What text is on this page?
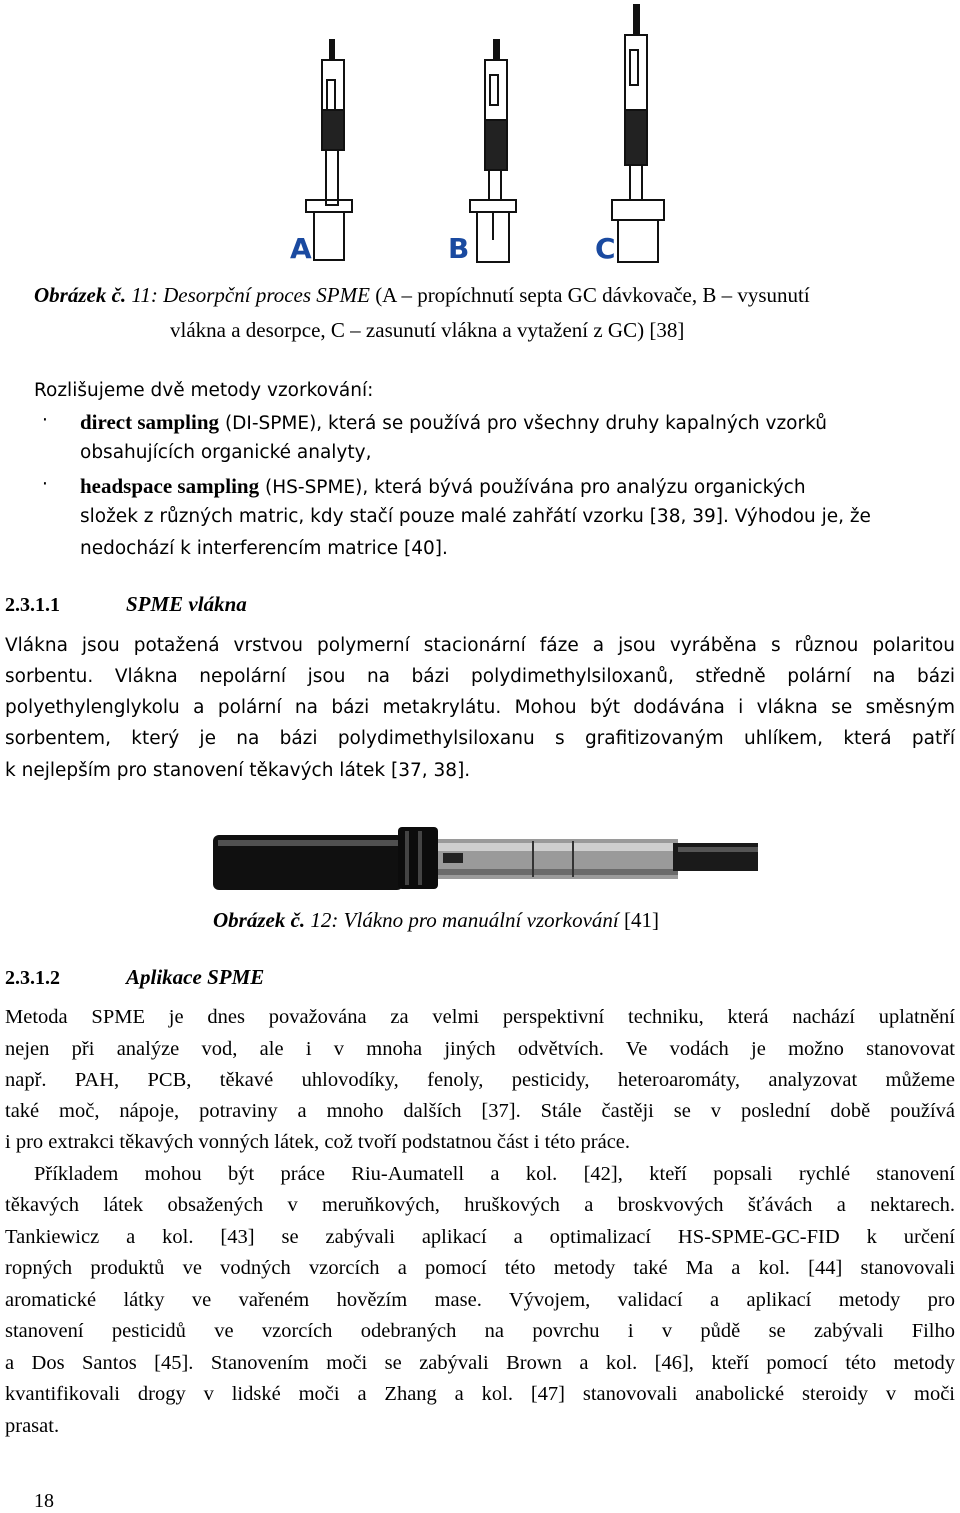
A	B	C
Obrázek č. 11: Desorpční proces SPME (A – propíchnutí septa GC dávkovače, B – vysunutí
vlákna a desorpce, C – zasunutí vlákna a vytažení z GC) [38]
Rozlišujeme dvě metody vzorkování:
· direct sampling (DI-SPME), která se používá pro všechny druhy kapalných vzorků
obsahujících organické analyty,
· headspace sampling (HS-SPME), která bývá používána pro analýzu organických
složek z různých matric, kdy stačí pouze malé zahřátí vzorku [38, 39]. Výhodou je, že
nedochází k interferencím matrice [40].
2.3.1.1	SPME vlákna
Vlákna jsou potažená vrstvou polymerní stacionární fáze a jsou vyráběna s různou polaritou
sorbentu. Vlákna nepolární jsou na bázi polydimethylsiloxanů, středně polární na bázi
polyethylenglykolu a polární na bázi metakrylátu. Mohou být dodávána i vlákna se směsným
sorbentem, který je na bázi polydimethylsiloxanu s grafitizovaným uhlíkem, která patří
k nejlepším pro stanovení těkavých látek [37, 38].
Obrázek č. 12: Vlákno pro manuální vzorkování [41]
2.3.1.2	Aplikace SPME
Metoda SPME je dnes považována za velmi perspektivní techniku, která nachází uplatnění
nejen při analýze vod, ale i v mnoha jiných odvětvích. Ve vodách je možno stanovovat
např. PAH, PCB, těkavé uhlovodíky, fenoly, pesticidy, heteroaromáty, analyzovat můžeme
také moč, nápoje, potraviny a mnoho dalších [37]. Stále častěji se v poslední době používá
i pro extrakci těkavých vonných látek, což tvoří podstatnou část i této práce.
Příkladem mohou být práce Riu-Aumatell a kol. [42], kteří popsali rychlé stanovení
těkavých látek obsažených v meruňkových, hruškových a broskvových šťávách a nektarech.
Tankiewicz a kol. [43] se zabývali aplikací a optimalizací HS-SPME-GC-FID k určení
ropných produktů ve vodných vzorcích a pomocí této metody také Ma a kol. [44] stanovovali
aromatické látky ve vařeném hovězím mase. Vývojem, validací a aplikací metody pro
stanovení pesticidů ve vzorcích odebraných na povrchu i v půdě se zabývali Filho
a Dos Santos [45]. Stanovením moči se zabývali Brown a kol. [46], kteří pomocí této metody
kvantifikovali drogy v lidské moči a Zhang a kol. [47] stanovovali anabolické steroidy v moči
prasat.
18
